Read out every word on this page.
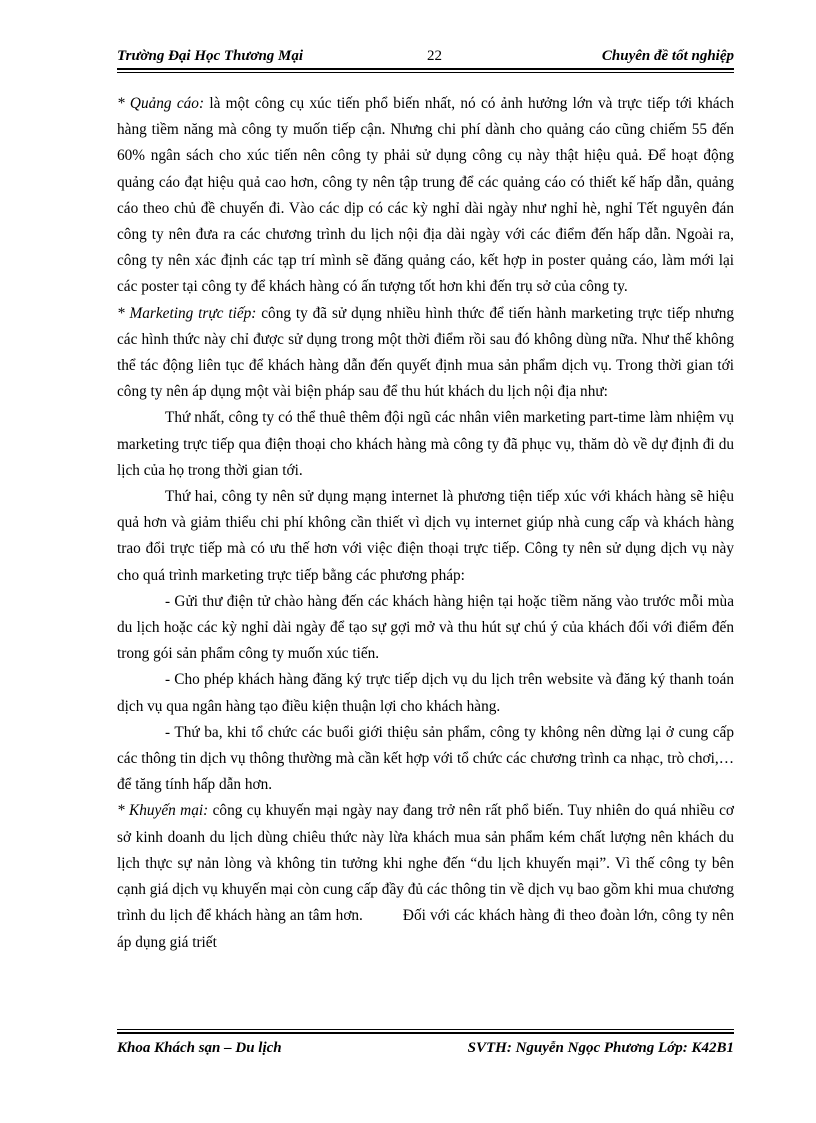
Trường Đại Học Thương Mại	22	Chuyên đề tốt nghiệp

* Quảng cáo: là một công cụ xúc tiến phổ biến nhất, nó có ảnh hưởng lớn và trực tiếp tới khách hàng tiềm năng mà công ty muốn tiếp cận. Nhưng chi phí dành cho quảng cáo cũng chiếm 55 đến 60% ngân sách cho xúc tiến nên công ty phải sử dụng công cụ này thật hiệu quả. Để hoạt động quảng cáo đạt hiệu quả cao hơn, công ty nên tập trung để các quảng cáo có thiết kế hấp dẫn, quảng cáo theo chủ đề chuyến đi. Vào các dịp có các kỳ nghỉ dài ngày như nghỉ hè, nghỉ Tết nguyên đán công ty nên đưa ra các chương trình du lịch nội địa dài ngày với các điểm đến hấp dẫn. Ngoài ra, công ty nên xác định các tạp trí mình sẽ đăng quảng cáo, kết hợp in poster quảng cáo, làm mới lại các poster tại công ty để khách hàng có ấn tượng tốt hơn khi đến trụ sở của công ty.

* Marketing trực tiếp: công ty đã sử dụng nhiều hình thức để tiến hành marketing trực tiếp nhưng các hình thức này chỉ được sử dụng trong một thời điểm rồi sau đó không dùng nữa. Như thế không thể tác động liên tục để khách hàng dẫn đến quyết định mua sản phẩm dịch vụ. Trong thời gian tới công ty nên áp dụng một vài biện pháp sau để thu hút khách du lịch nội địa như:

Thứ nhất, công ty có thể thuê thêm đội ngũ các nhân viên marketing part-time làm nhiệm vụ marketing trực tiếp qua điện thoại cho khách hàng mà công ty đã phục vụ, thăm dò về dự định đi du lịch của họ trong thời gian tới.

Thứ hai, công ty nên sử dụng mạng internet là phương tiện tiếp xúc với khách hàng sẽ hiệu quả hơn và giảm thiểu chi phí không cần thiết vì dịch vụ internet giúp nhà cung cấp và khách hàng trao đổi trực tiếp mà có ưu thế hơn với việc điện thoại trực tiếp. Công ty nên sử dụng dịch vụ này cho quá trình marketing trực tiếp bằng các phương pháp:

- Gửi thư điện tử chào hàng đến các khách hàng hiện tại hoặc tiềm năng vào trước mỗi mùa du lịch hoặc các kỳ nghỉ dài ngày để tạo sự gợi mở và thu hút sự chú ý của khách đối với điểm đến trong gói sản phẩm công ty muốn xúc tiến.

- Cho phép khách hàng đăng ký trực tiếp dịch vụ du lịch trên website và đăng ký thanh toán dịch vụ qua ngân hàng tạo điều kiện thuận lợi cho khách hàng.

- Thứ ba, khi tổ chức các buổi giới thiệu sản phẩm, công ty không nên dừng lại ở cung cấp các thông tin dịch vụ thông thường mà cần kết hợp với tổ chức các chương trình ca nhạc, trò chơi,… để tăng tính hấp dẫn hơn.

* Khuyến mại: công cụ khuyến mại ngày nay đang trở nên rất phổ biến. Tuy nhiên do quá nhiều cơ sở kinh doanh du lịch dùng chiêu thức này lừa khách mua sản phẩm kém chất lượng nên khách du lịch thực sự nản lòng và không tin tưởng khi nghe đến “du lịch khuyến mại”. Vì thế công ty bên cạnh giá dịch vụ khuyến mại còn cung cấp đầy đủ các thông tin về dịch vụ bao gồm khi mua chương trình du lịch để khách hàng an tâm hơn.	Đối với các khách hàng đi theo đoàn lớn, công ty nên áp dụng giá triết

Khoa Khách sạn – Du lịch	SVTH: Nguyễn Ngọc Phương Lớp: K42B1
